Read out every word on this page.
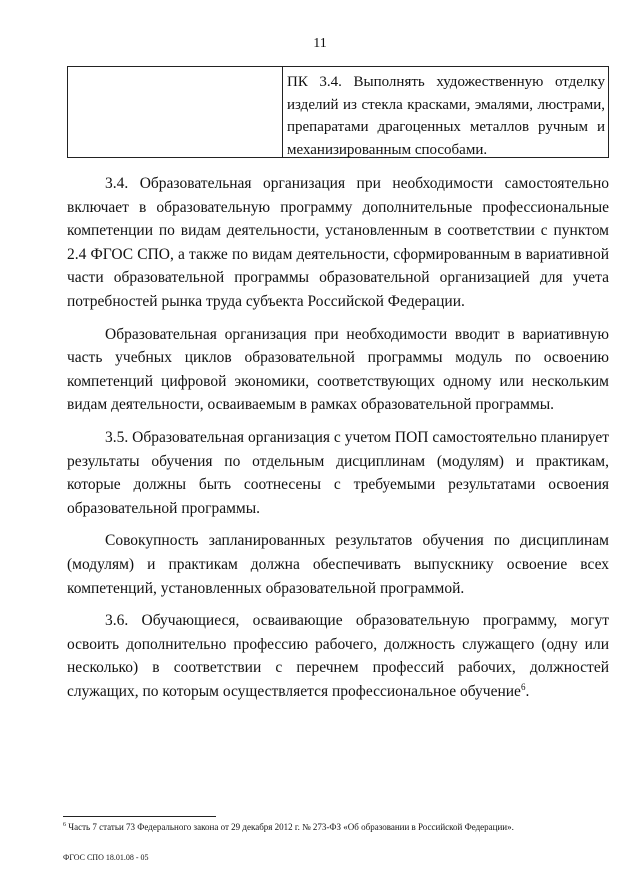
11
ПК 3.4. Выполнять художественную отделку изделий из стекла красками, эмалями, люстрами, препаратами драгоценных металлов ручным и механизированным способами.

3.4. Образовательная организация при необходимости самостоятельно включает в образовательную программу дополнительные профессиональные компетенции по видам деятельности, установленным в соответствии с пунктом 2.4 ФГОС СПО, а также по видам деятельности, сформированным в вариативной части образовательной программы образовательной организацией для учета потребностей рынка труда субъекта Российской Федерации.

Образовательная организация при необходимости вводит в вариативную часть учебных циклов образовательной программы модуль по освоению компетенций цифровой экономики, соответствующих одному или нескольким видам деятельности, осваиваемым в рамках образовательной программы.

3.5. Образовательная организация с учетом ПОП самостоятельно планирует результаты обучения по отдельным дисциплинам (модулям) и практикам, которые должны быть соотнесены с требуемыми результатами освоения образовательной программы.

Совокупность запланированных результатов обучения по дисциплинам (модулям) и практикам должна обеспечивать выпускнику освоение всех компетенций, установленных образовательной программой.

3.6. Обучающиеся, осваивающие образовательную программу, могут освоить дополнительно профессию рабочего, должность служащего (одну или несколько) в соответствии с перечнем профессий рабочих, должностей служащих, по которым осуществляется профессиональное обучение$^6$.

$^6$ Часть 7 статьи 73 Федерального закона от 29 декабря 2012 г. № 273-ФЗ «Об образовании в Российской Федерации».
ФГОС СПО 18.01.08 - 05
